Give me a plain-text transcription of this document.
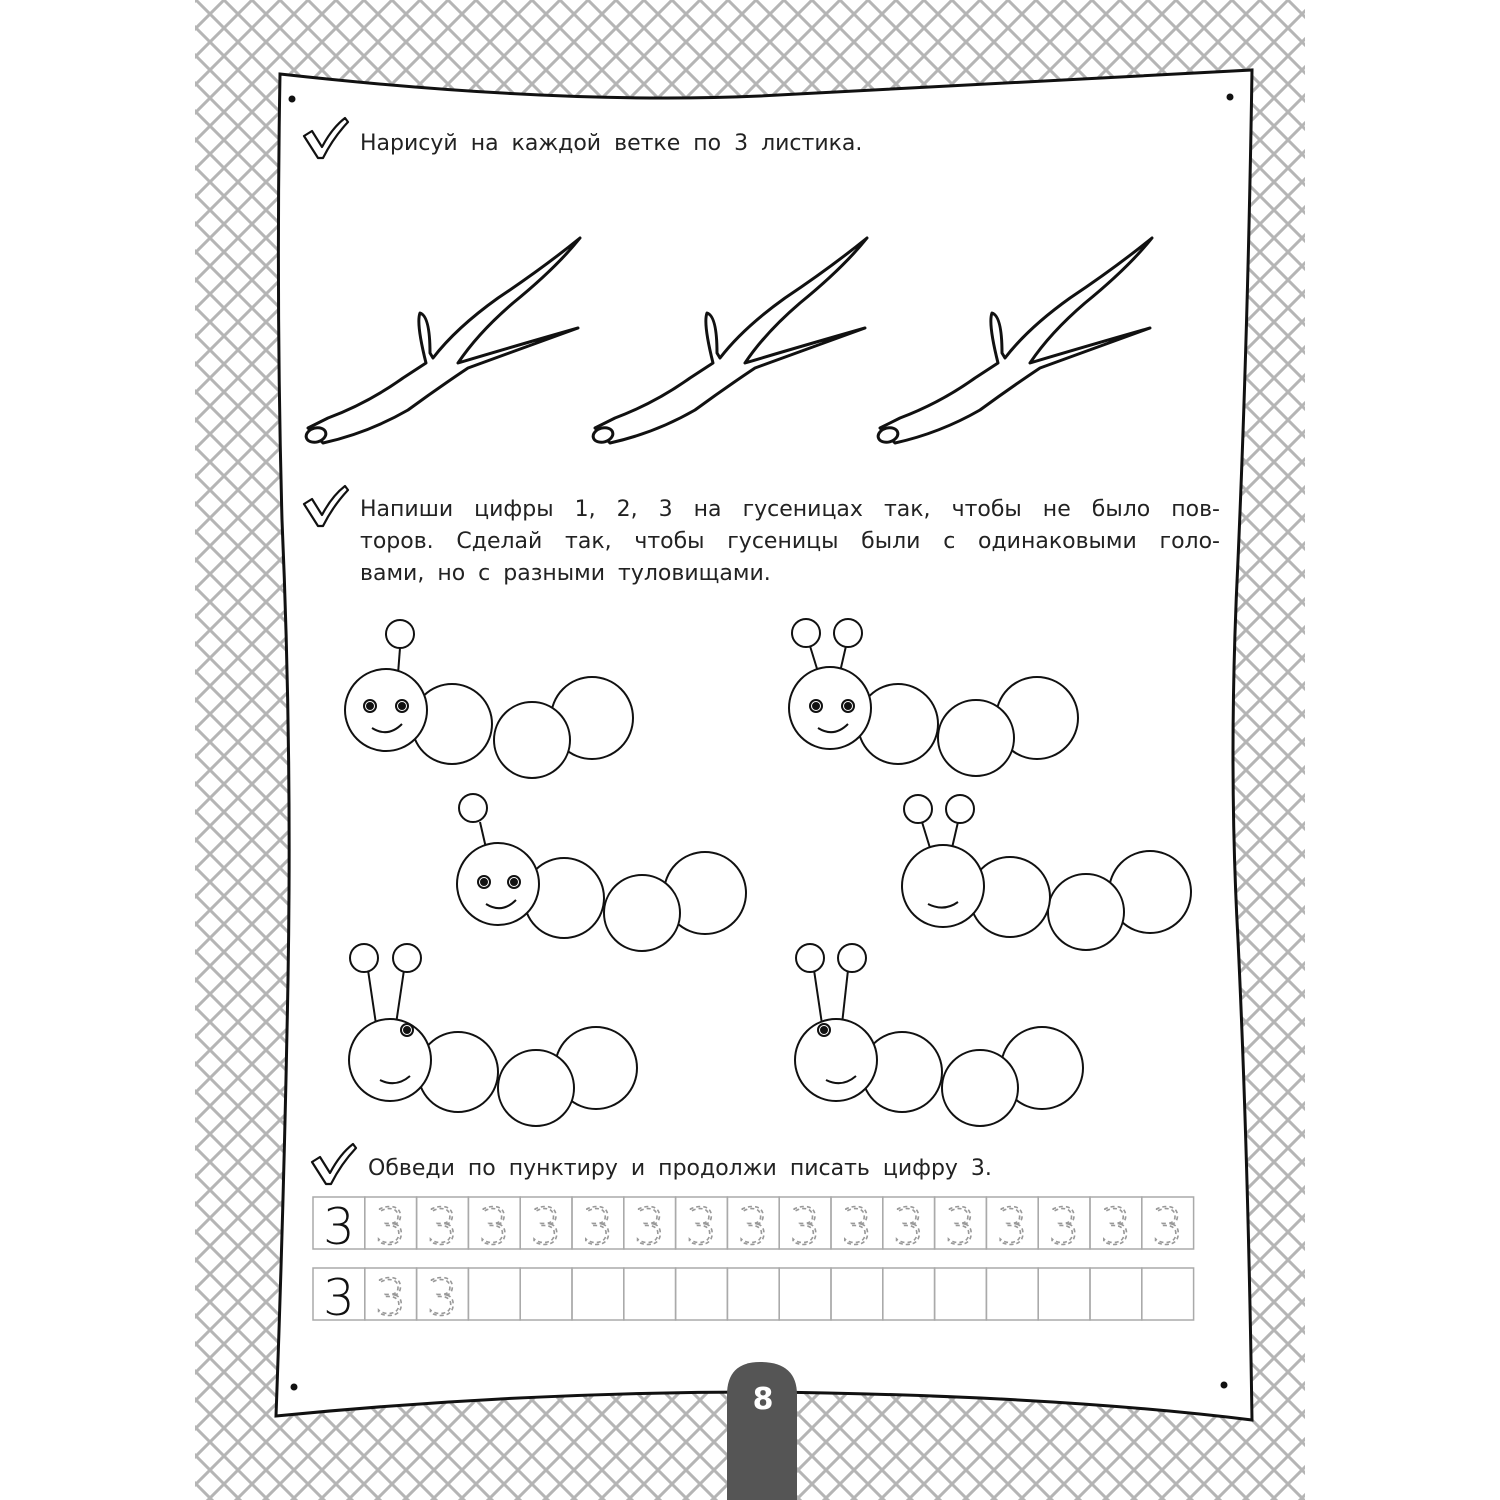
3 3 3 3 3 3 3 3 3 3 3 3 3 3 3 3 3
3 3 3
Нарисуй на каждой ветке по 3 листика.
Напиши цифры 1, 2, 3 на гусеницах так, чтобы не было пов-
торов. Сделай так, чтобы гусеницы были с одинаковыми голо-
вами, но с разными туловищами.
Обведи по пунктиру и продолжи писать цифру 3.
8
